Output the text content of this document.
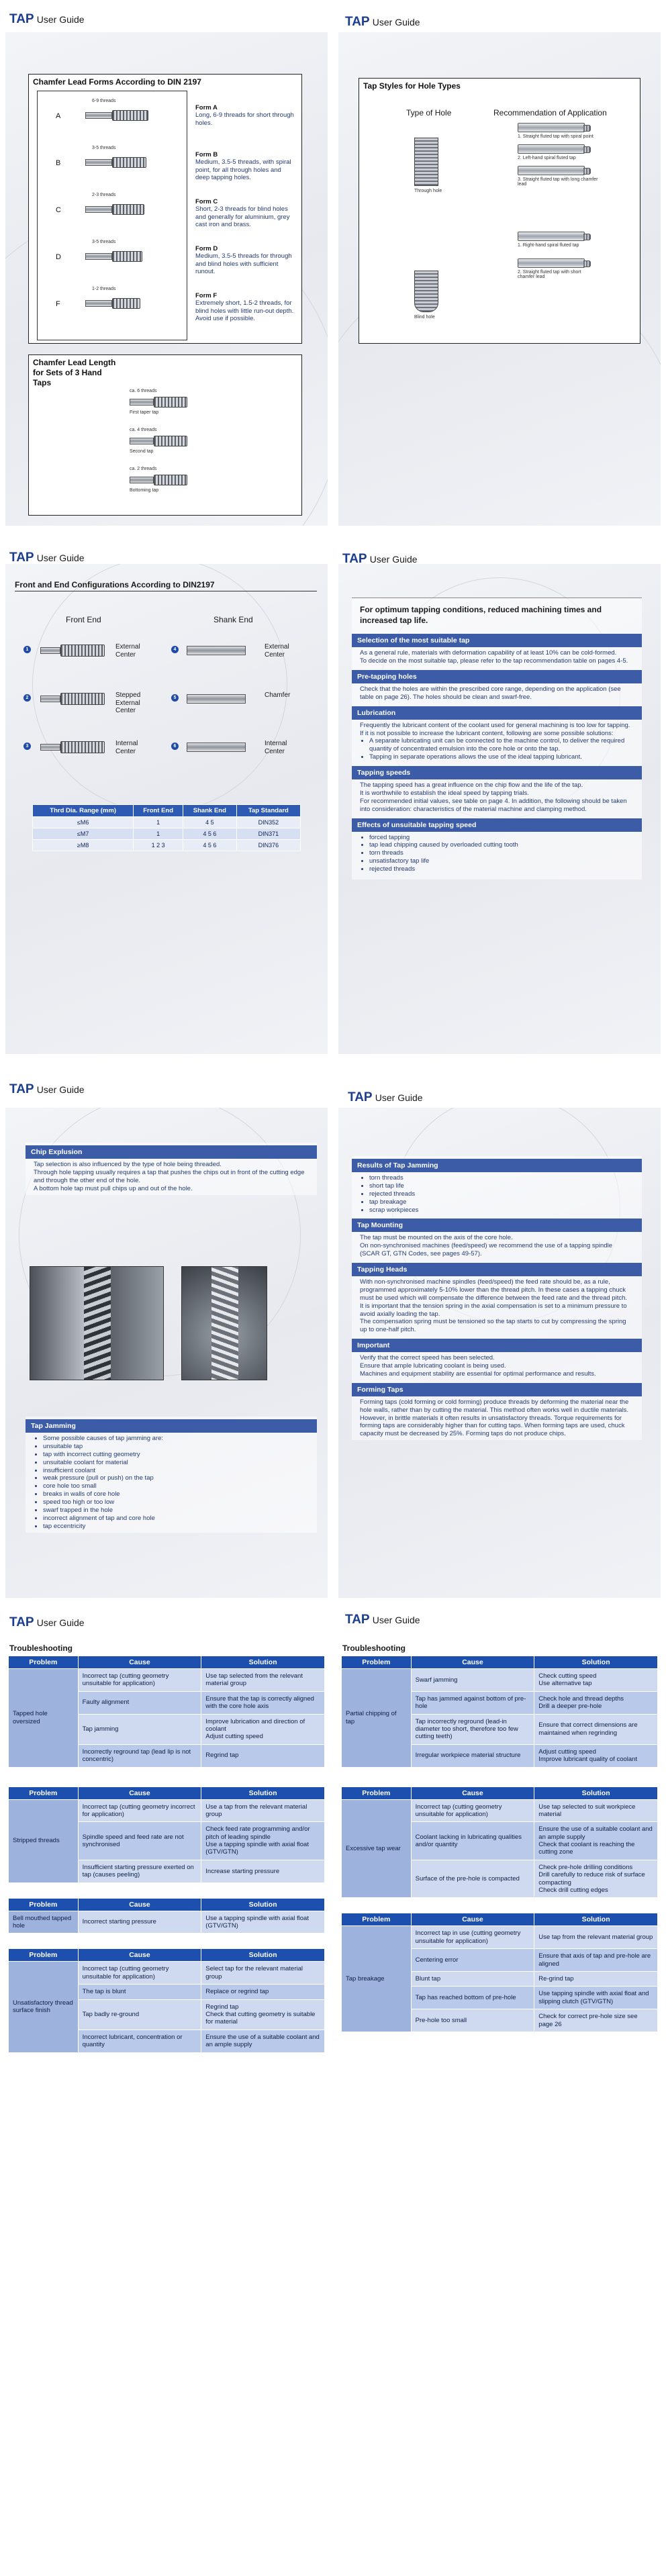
TAP User Guide
Chamfer Lead Forms According to DIN 2197
A
6-9 threads
Form A
Long, 6-9 threads for short through holes.
B
3-5 threads
Form B
Medium, 3.5-5 threads, with spiral point, for all through holes and deep tapping holes.
C
2-3 threads
Form C
Short, 2-3 threads for blind holes and generally for aluminium, grey cast iron and brass.
D
3-5 threads
Form D
Medium, 3.5-5 threads for through and blind holes with sufficient runout.
F
1-2 threads
Form F
Extremely short, 1.5-2 threads, for blind holes with little run-out depth. Avoid use if possible.
Chamfer Lead Length for Sets of 3 Hand Taps
ca. 6 threads
First taper tap
ca. 4 threads
Second tap
ca. 2 threads
Bottoming tap
TAP User Guide
Tap Styles for Hole Types
Type of Hole	Recommendation of Application
Through hole
Blind hole
1. Straight fluted tap with spiral point
2. Left-hand spiral fluted tap
3. Straight fluted tap with long chamfer lead
1. Right-hand spiral fluted tap
2. Straight fluted tap with short chamfer lead
TAP User Guide
Front and End Configurations According to DIN2197
Front End	Shank End
1	External Center
2	Stepped External Center
3	Internal Center
4	External Center
5	Chamfer
6	Internal Center
Thrd Dia. Range (mm)	Front End	Shank End	Tap Standard
≤M6	1	4 5	DIN352
≤M7	1	4 5 6	DIN371
≥M8	1 2 3	4 5 6	DIN376
TAP User Guide
For optimum tapping conditions, reduced machining times and increased tap life.
Selection of the most suitable tap

As a general rule, materials with deformation capability of at least 10% can be cold-formed.

To decide on the most suitable tap, please refer to the tap recommendation table on pages 4-5.

Pre-tapping holes

Check that the holes are within the prescribed core range, depending on the application (see table on page 26). The holes should be clean and swarf-free.

Lubrication

Frequently the lubricant content of the coolant used for general machining is too low for tapping.

If it is not possible to increase the lubricant content, following are some possible solutions:

• A separate lubricating unit can be connected to the machine control, to deliver the required quantity of concentrated emulsion into the core hole or onto the tap.
• Tapping in separate operations allows the use of the ideal tapping lubricant.
Tapping speeds

The tapping speed has a great influence on the chip flow and the life of the tap.

It is worthwhile to establish the ideal speed by tapping trials.

For recommended initial values, see table on page 4. In addition, the following should be taken into consideration: characteristics of the material machine and clamping method.

Effects of unsuitable tapping speed
• forced tapping
• tap lead chipping caused by overloaded cutting tooth
• torn threads
• unsatisfactory tap life
• rejected threads
TAP User Guide
Chip Explusion

Tap selection is also influenced by the type of hole being threaded.

Through hole tapping usually requires a tap that pushes the chips out in front of the cutting edge and through the other end of the hole.

A bottom hole tap must pull chips up and out of the hole.

Tap Jamming
• Some possible causes of tap jamming are:
• unsuitable tap
• tap with incorrect cutting geometry
• unsuitable coolant for material
• insufficient coolant
• weak pressure (pull or push) on the tap
• core hole too small
• breaks in walls of core hole
• speed too high or too low
• swarf trapped in the hole
• incorrect alignment of tap and core hole
• tap eccentricity
TAP User Guide
Results of Tap Jamming
• torn threads
• short tap life
• rejected threads
• tap breakage
• scrap workpieces
Tap Mounting

The tap must be mounted on the axis of the core hole.

On non-synchronised machines (feed/speed) we recommend the use of a tapping spindle (SCAR GT, GTN Codes, see pages 49-57).

Tapping Heads

With non-synchronised machine spindles (feed/speed) the feed rate should be, as a rule, programmed approximately 5-10% lower than the thread pitch. In these cases a tapping chuck must be used which will compensate the difference between the feed rate and the thread pitch.

It is important that the tension spring in the axial compensation is set to a minimum pressure to avoid axially loading the tap.

The compensation spring must be tensioned so the tap starts to cut by compressing the spring up to one-half pitch.

Important

Verify that the correct speed has been selected.

Ensure that ample lubricating coolant is being used.

Machines and equipment stability are essential for optimal performance and results.

Forming Taps

Forming taps (cold forming or cold forming) produce threads by deforming the material near the hole walls, rather than by cutting the material. This method often works well in ductile materials. However, in brittle materials it often results in unsatisfactory threads. Torque requirements for forming taps are considerably higher than for cutting taps. When forming taps are used, chuck capacity must be decreased by 25%. Forming taps do not produce chips.

TAP User Guide
Troubleshooting
Problem	Cause	Solution
Tapped hole oversized	Incorrect tap (cutting geometry unsuitable for application)	Use tap selected from the relevant material group
	Faulty alignment	Ensure that the tap is correctly aligned with the core hole axis
	Tap jamming	Improve lubrication and direction of coolant
Adjust cutting speed
	Incorrectly reground tap (lead lip is not concentric)	Regrind tap
Problem	Cause	Solution
Stripped threads	Incorrect tap (cutting geometry incorrect for application)	Use a tap from the relevant material group
	Spindle speed and feed rate are not synchronised	Check feed rate programming and/or pitch of leading spindle
Use a tapping spindle with axial float (GTV/GTN)
	Insufficient starting pressure exerted on tap (causes peeling)	Increase starting pressure
Problem	Cause	Solution
Bell mouthed tapped hole	Incorrect starting pressure	Use a tapping spindle with axial float (GTV/GTN)
Problem	Cause	Solution
Unsatisfactory thread surface finish	Incorrect tap (cutting geometry unsuitable for application)	Select tap for the relevant material group
	The tap is blunt	Replace or regrind tap
	Tap badly re-ground	Regrind tap
Check that cutting geometry is suitable for material
	Incorrect lubricant, concentration or quantity	Ensure the use of a suitable coolant and an ample supply
TAP User Guide
Troubleshooting
Problem	Cause	Solution
Partial chipping of tap	Swarf jamming	Check cutting speed
Use alternative tap
	Tap has jammed against bottom of pre-hole	Check hole and thread depths
Drill a deeper pre-hole
	Tap incorrectly reground (lead-in diameter too short, therefore too few cutting teeth)	Ensure that correct dimensions are maintained when regrinding
	Irregular workpiece material structure	Adjust cutting speed
Improve lubricant quality of coolant
Problem	Cause	Solution
Excessive tap wear	Incorrect tap (cutting geometry unsuitable for application)	Use tap selected to suit workpiece material
	Coolant lacking in lubricating qualities and/or quantity	Ensure the use of a suitable coolant and an ample supply
Check that coolant is reaching the cutting zone
	Surface of the pre-hole is compacted	Check pre-hole drilling conditions
Drill carefully to reduce risk of surface compacting
Check drill cutting edges
Problem	Cause	Solution
Tap breakage	Incorrect tap in use (cutting geometry unsuitable for application)	Use tap from the relevant material group
	Centering error	Ensure that axis of tap and pre-hole are aligned
	Blunt tap	Re-grind tap
	Tap has reached bottom of pre-hole	Use tapping spindle with axial float and slipping clutch (GTV/GTN)
	Pre-hole too small	Check for correct pre-hole size see page 26
